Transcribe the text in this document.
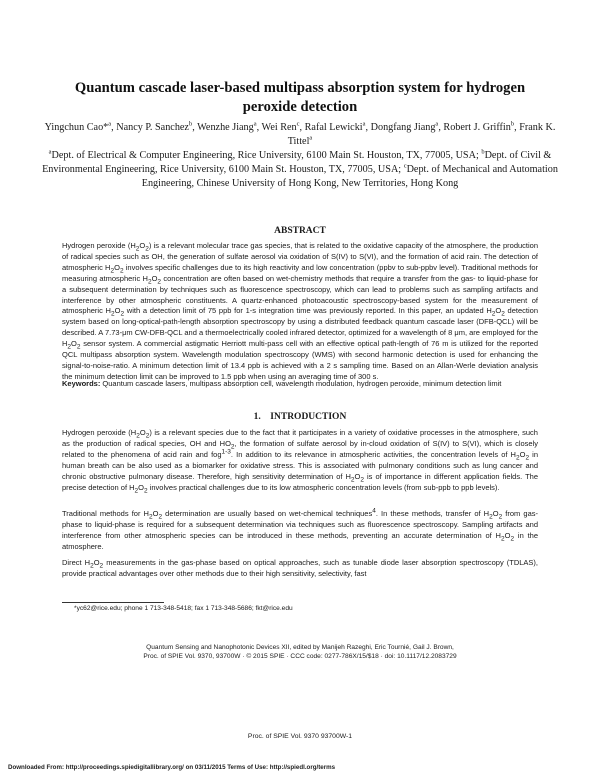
Quantum cascade laser-based multipass absorption system for hydrogen peroxide detection
Yingchun Cao*$^a$, Nancy P. Sanchez$^b$, Wenzhe Jiang$^a$, Wei Ren$^c$, Rafal Lewicki$^a$, Dongfang Jiang$^a$, Robert J. Griffin$^b$, Frank K. Tittel$^a$
$^a$Dept. of Electrical & Computer Engineering, Rice University, 6100 Main St. Houston, TX, 77005, USA; $^b$Dept. of Civil & Environmental Engineering, Rice University, 6100 Main St. Houston, TX, 77005, USA; $^c$Dept. of Mechanical and Automation Engineering, Chinese University of Hong Kong, New Territories, Hong Kong
ABSTRACT
Hydrogen peroxide $(H_2O_2)$ is a relevant molecular trace gas species, that is related to the oxidative capacity of the atmosphere, the production of radical species such as OH, the generation of sulfate aerosol via oxidation of S(IV) to S(VI), and the formation of acid rain. The detection of atmospheric $H_2O_2$ involves specific challenges due to its high reactivity and low concentration (ppbv to sub-ppbv level). Traditional methods for measuring atmospheric $H_2O_2$ concentration are often based on wet-chemistry methods that require a transfer from the gas- to liquid-phase for a subsequent determination by techniques such as fluorescence spectroscopy, which can lead to problems such as sampling artifacts and interference by other atmospheric constituents. A quartz-enhanced photoacoustic spectroscopy-based system for the measurement of atmospheric $H_2O_2$ with a detection limit of 75 ppb for 1-s integration time was previously reported. In this paper, an updated $H_2O_2$ detection system based on long-optical-path-length absorption spectroscopy by using a distributed feedback quantum cascade laser (DFB-QCL) will be described. A 7.73-μm CW-DFB-QCL and a thermoelectrically cooled infrared detector, optimized for a wavelength of 8 μm, are employed for the $H_2O_2$ sensor system. A commercial astigmatic Herriott multi-pass cell with an effective optical path-length of 76 m is utilized for the reported QCL multipass absorption system. Wavelength modulation spectroscopy (WMS) with second harmonic detection is used for enhancing the signal-to-noise-ratio. A minimum detection limit of 13.4 ppb is achieved with a 2 s sampling time. Based on an Allan-Werle deviation analysis the minimum detection limit can be improved to 1.5 ppb when using an averaging time of 300 s.
Keywords: Quantum cascade lasers, multipass absorption cell, wavelength modulation, hydrogen peroxide, minimum detection limit
1. INTRODUCTION
Hydrogen peroxide $(H_2O_2)$ is a relevant species due to the fact that it participates in a variety of oxidative processes in the atmosphere, such as the production of radical species, OH and $HO_2$, the formation of sulfate aerosol by in-cloud oxidation of S(IV) to S(VI), which is closely related to the phenomena of acid rain and fog$^{1-3}$. In addition to its relevance in atmospheric activities, the concentration levels of $H_2O_2$ in human breath can be also used as a biomarker for oxidative stress. This is associated with pulmonary conditions such as lung cancer and chronic obstructive pulmonary disease. Therefore, high sensitivity determination of $H_2O_2$ is of importance in different application fields. The precise detection of $H_2O_2$ involves practical challenges due to its low atmospheric concentration levels (from sub-ppb to ppb levels).
Traditional methods for $H_2O_2$ determination are usually based on wet-chemical techniques$^4$. In these methods, transfer of $H_2O_2$ from gas-phase to liquid-phase is required for a subsequent determination via techniques such as fluorescence spectroscopy. Sampling artifacts and interference from other atmospheric species can be introduced in these methods, preventing an accurate determination of $H_2O_2$ in the atmosphere.
Direct $H_2O_2$ measurements in the gas-phase based on optical approaches, such as tunable diode laser absorption spectroscopy (TDLAS), provide practical advantages over other methods due to their high sensitivity, selectivity, fast
*yc62@rice.edu; phone 1 713-348-5418; fax 1 713-348-5686; fkt@rice.edu
Quantum Sensing and Nanophotonic Devices XII, edited by Manijeh Razeghi, Eric Tournié, Gail J. Brown,
Proc. of SPIE Vol. 9370, 93700W · © 2015 SPIE · CCC code: 0277-786X/15/$18 · doi: 10.1117/12.2083729
Proc. of SPIE Vol. 9370 93700W-1
Downloaded From: http://proceedings.spiedigitallibrary.org/ on 03/11/2015 Terms of Use: http://spiedl.org/terms
